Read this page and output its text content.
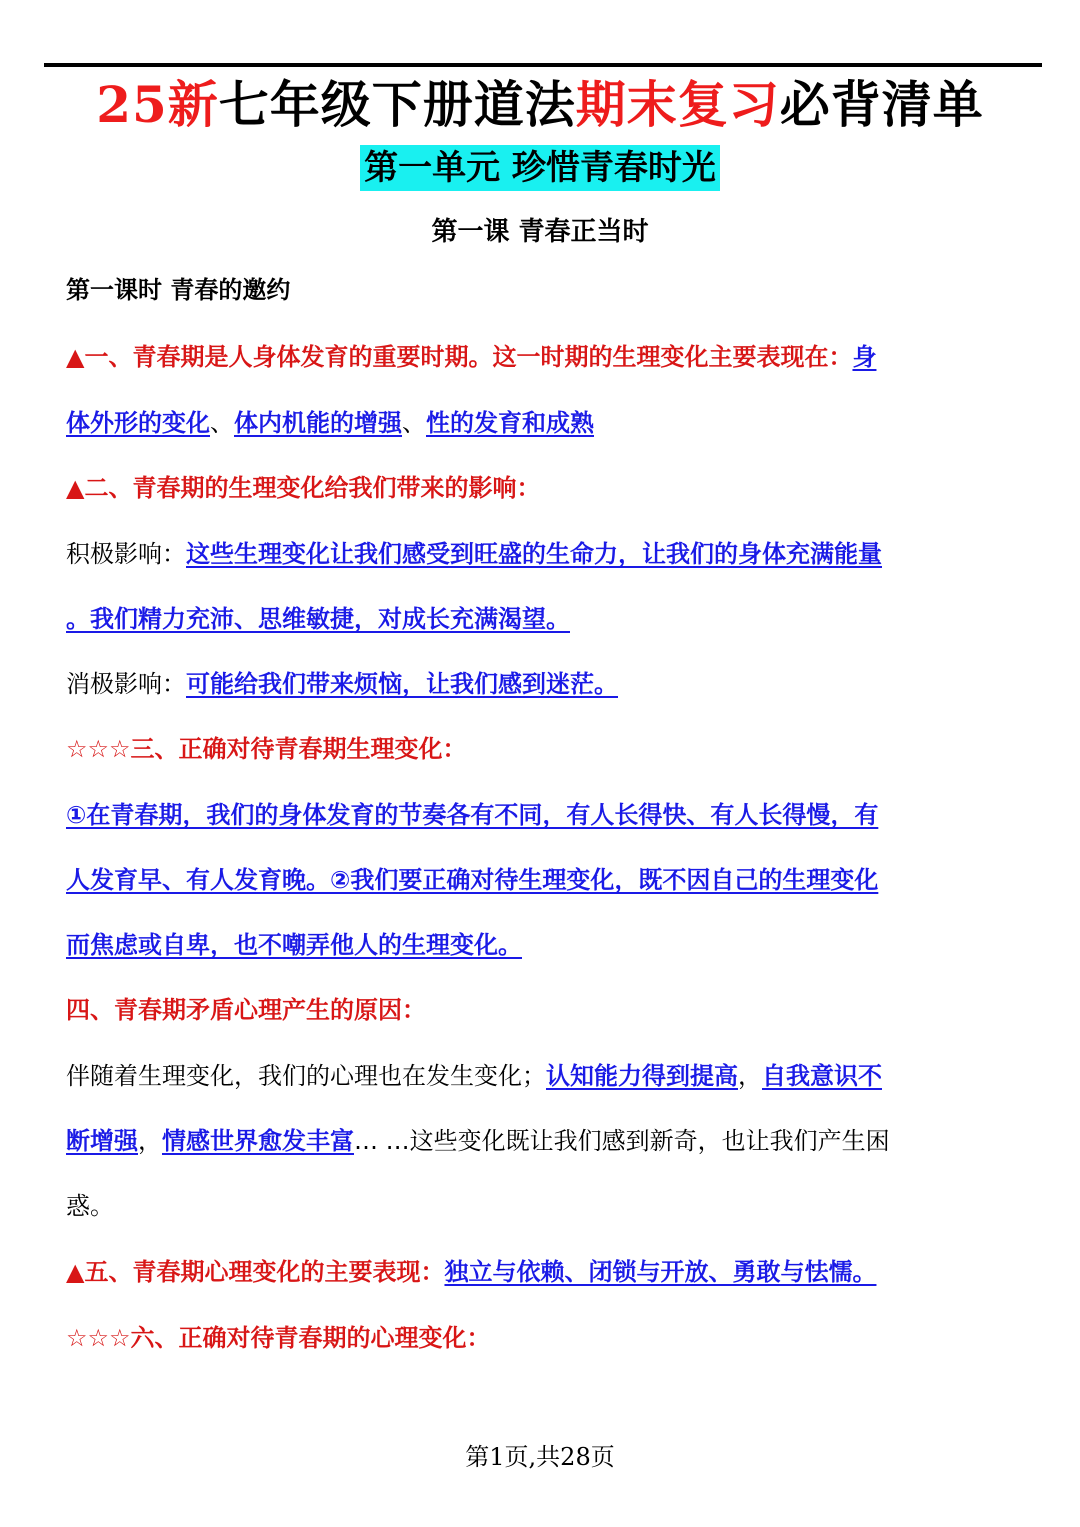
25新七年级下册道法期末复习必背清单
第一单元 珍惜青春时光
第一课 青春正当时
第一课时 青春的邀约
▲一、青春期是人身体发育的重要时期。这一时期的生理变化主要表现在：身
体外形的变化、体内机能的增强、性的发育和成熟
▲二、青春期的生理变化给我们带来的影响：
积极影响：这些生理变化让我们感受到旺盛的生命力，让我们的身体充满能量
。我们精力充沛、思维敏捷，对成长充满渴望。
消极影响：可能给我们带来烦恼，让我们感到迷茫。
☆☆☆三、正确对待青春期生理变化：
①在青春期，我们的身体发育的节奏各有不同，有人长得快、有人长得慢，有
人发育早、有人发育晚。②我们要正确对待生理变化，既不因自己的生理变化
而焦虑或自卑，也不嘲弄他人的生理变化。
四、青春期矛盾心理产生的原因：
伴随着生理变化，我们的心理也在发生变化；认知能力得到提高，自我意识不
断增强，情感世界愈发丰富… …这些变化既让我们感到新奇，也让我们产生困
惑。
▲五、青春期心理变化的主要表现：独立与依赖、闭锁与开放、勇敢与怯懦。
☆☆☆六、正确对待青春期的心理变化：
第1页,共28页
